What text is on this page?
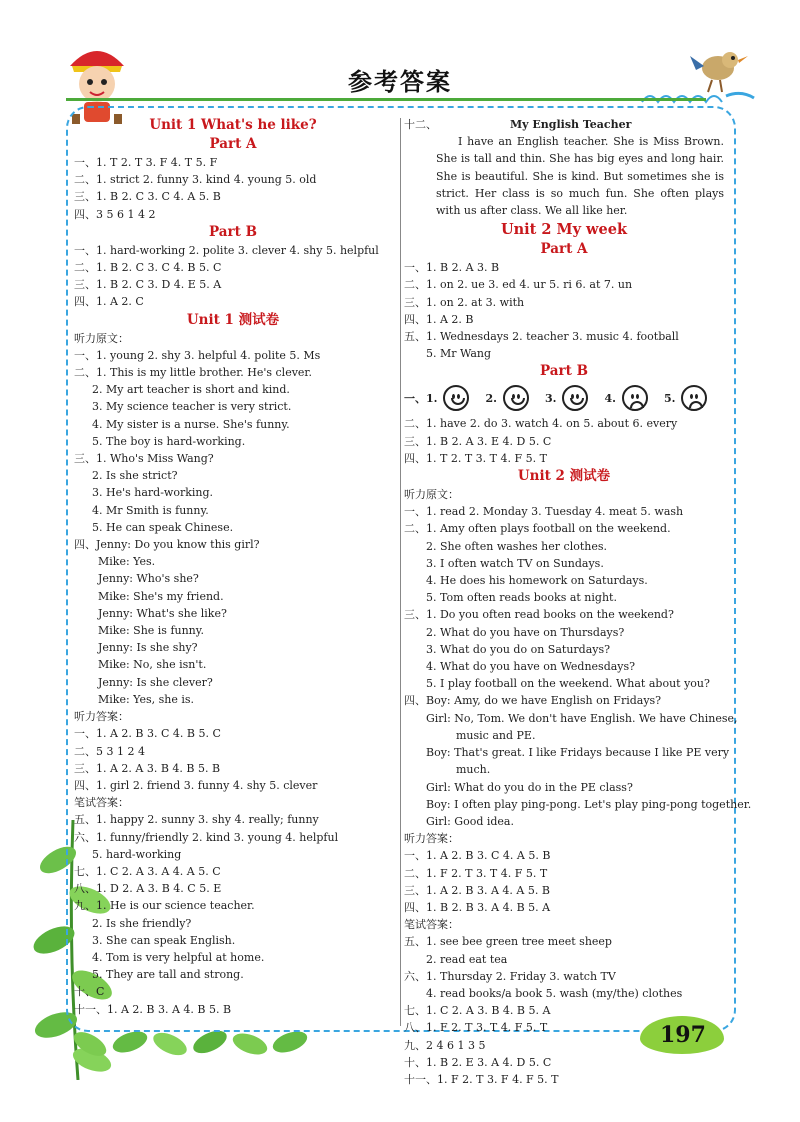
参考答案
Unit 1 What's he like?
Part A
一、1. T 2. T 3. F 4. T 5. F
二、1. strict 2. funny 3. kind 4. young 5. old
三、1. B 2. C 3. C 4. A 5. B
四、3 5 6 1 4 2
Part B
一、1. hard-working 2. polite 3. clever 4. shy 5. helpful
二、1. B 2. C 3. C 4. B 5. C
三、1. B 2. C 3. D 4. E 5. A
四、1. A 2. C
Unit 1 测试卷
听力原文：
一、1. young 2. shy 3. helpful 4. polite 5. Ms
二、1. This is my little brother. He's clever.
2. My art teacher is short and kind.
3. My science teacher is very strict.
4. My sister is a nurse. She's funny.
5. The boy is hard-working.
三、1. Who's Miss Wang?
2. Is she strict?
3. He's hard-working.
4. Mr Smith is funny.
5. He can speak Chinese.
四、Jenny: Do you know this girl?
Mike: Yes.
Jenny: Who's she?
Mike: She's my friend.
Jenny: What's she like?
Mike: She is funny.
Jenny: Is she shy?
Mike: No, she isn't.
Jenny: Is she clever?
Mike: Yes, she is.
听力答案：
一、1. A 2. B 3. C 4. B 5. C
二、5 3 1 2 4
三、1. A 2. A 3. B 4. B 5. B
四、1. girl 2. friend 3. funny 4. shy 5. clever
笔试答案：
五、1. happy 2. sunny 3. shy 4. really; funny
六、1. funny/friendly 2. kind 3. young 4. helpful
5. hard-working
七、1. C 2. A 3. A 4. A 5. C
八、1. D 2. A 3. B 4. C 5. E
九、1. He is our science teacher.
2. Is she friendly?
3. She can speak English.
4. Tom is very helpful at home.
5. They are tall and strong.
十、C
十一、1. A 2. B 3. A 4. B 5. B
十二、	My English Teacher
I have an English teacher. She is Miss Brown. She is tall and thin. She has big eyes and long hair. She is beautiful. She is kind. But sometimes she is strict. Her class is so much fun. She often plays with us after class. We all like her.
Unit 2 My week
Part A
一、1. B 2. A 3. B
二、1. on 2. ue 3. ed 4. ur 5. ri 6. at 7. un
三、1. on 2. at 3. with
四、1. A 2. B
五、1. Wednesdays 2. teacher 3. music 4. football
5. Mr Wang
Part B
一、1.	2.	3.	4.	5.
二、1. have 2. do 3. watch 4. on 5. about 6. every
三、1. B 2. A 3. E 4. D 5. C
四、1. T 2. T 3. T 4. F 5. T
Unit 2 测试卷
听力原文：
一、1. read 2. Monday 3. Tuesday 4. meat 5. wash
二、1. Amy often plays football on the weekend.
2. She often washes her clothes.
3. I often watch TV on Sundays.
4. He does his homework on Saturdays.
5. Tom often reads books at night.
三、1. Do you often read books on the weekend?
2. What do you have on Thursdays?
3. What do you do on Saturdays?
4. What do you have on Wednesdays?
5. I play football on the weekend. What about you?
四、Boy: Amy, do we have English on Fridays?
Girl: No, Tom. We don't have English. We have Chinese,
music and PE.
Boy: That's great. I like Fridays because I like PE very
much.
Girl: What do you do in the PE class?
Boy: I often play ping-pong. Let's play ping-pong together.
Girl: Good idea.
听力答案：
一、1. A 2. B 3. C 4. A 5. B
二、1. F 2. T 3. T 4. F 5. T
三、1. A 2. B 3. A 4. A 5. B
四、1. B 2. B 3. A 4. B 5. A
笔试答案：
五、1. see bee green tree meet sheep
2. read eat tea
六、1. Thursday 2. Friday 3. watch TV
4. read books/a book 5. wash (my/the) clothes
七、1. C 2. A 3. B 4. B 5. A
八、1. F 2. T 3. T 4. F 5. T
九、2 4 6 1 3 5
十、1. B 2. E 3. A 4. D 5. C
十一、1. F 2. T 3. F 4. F 5. T
197
